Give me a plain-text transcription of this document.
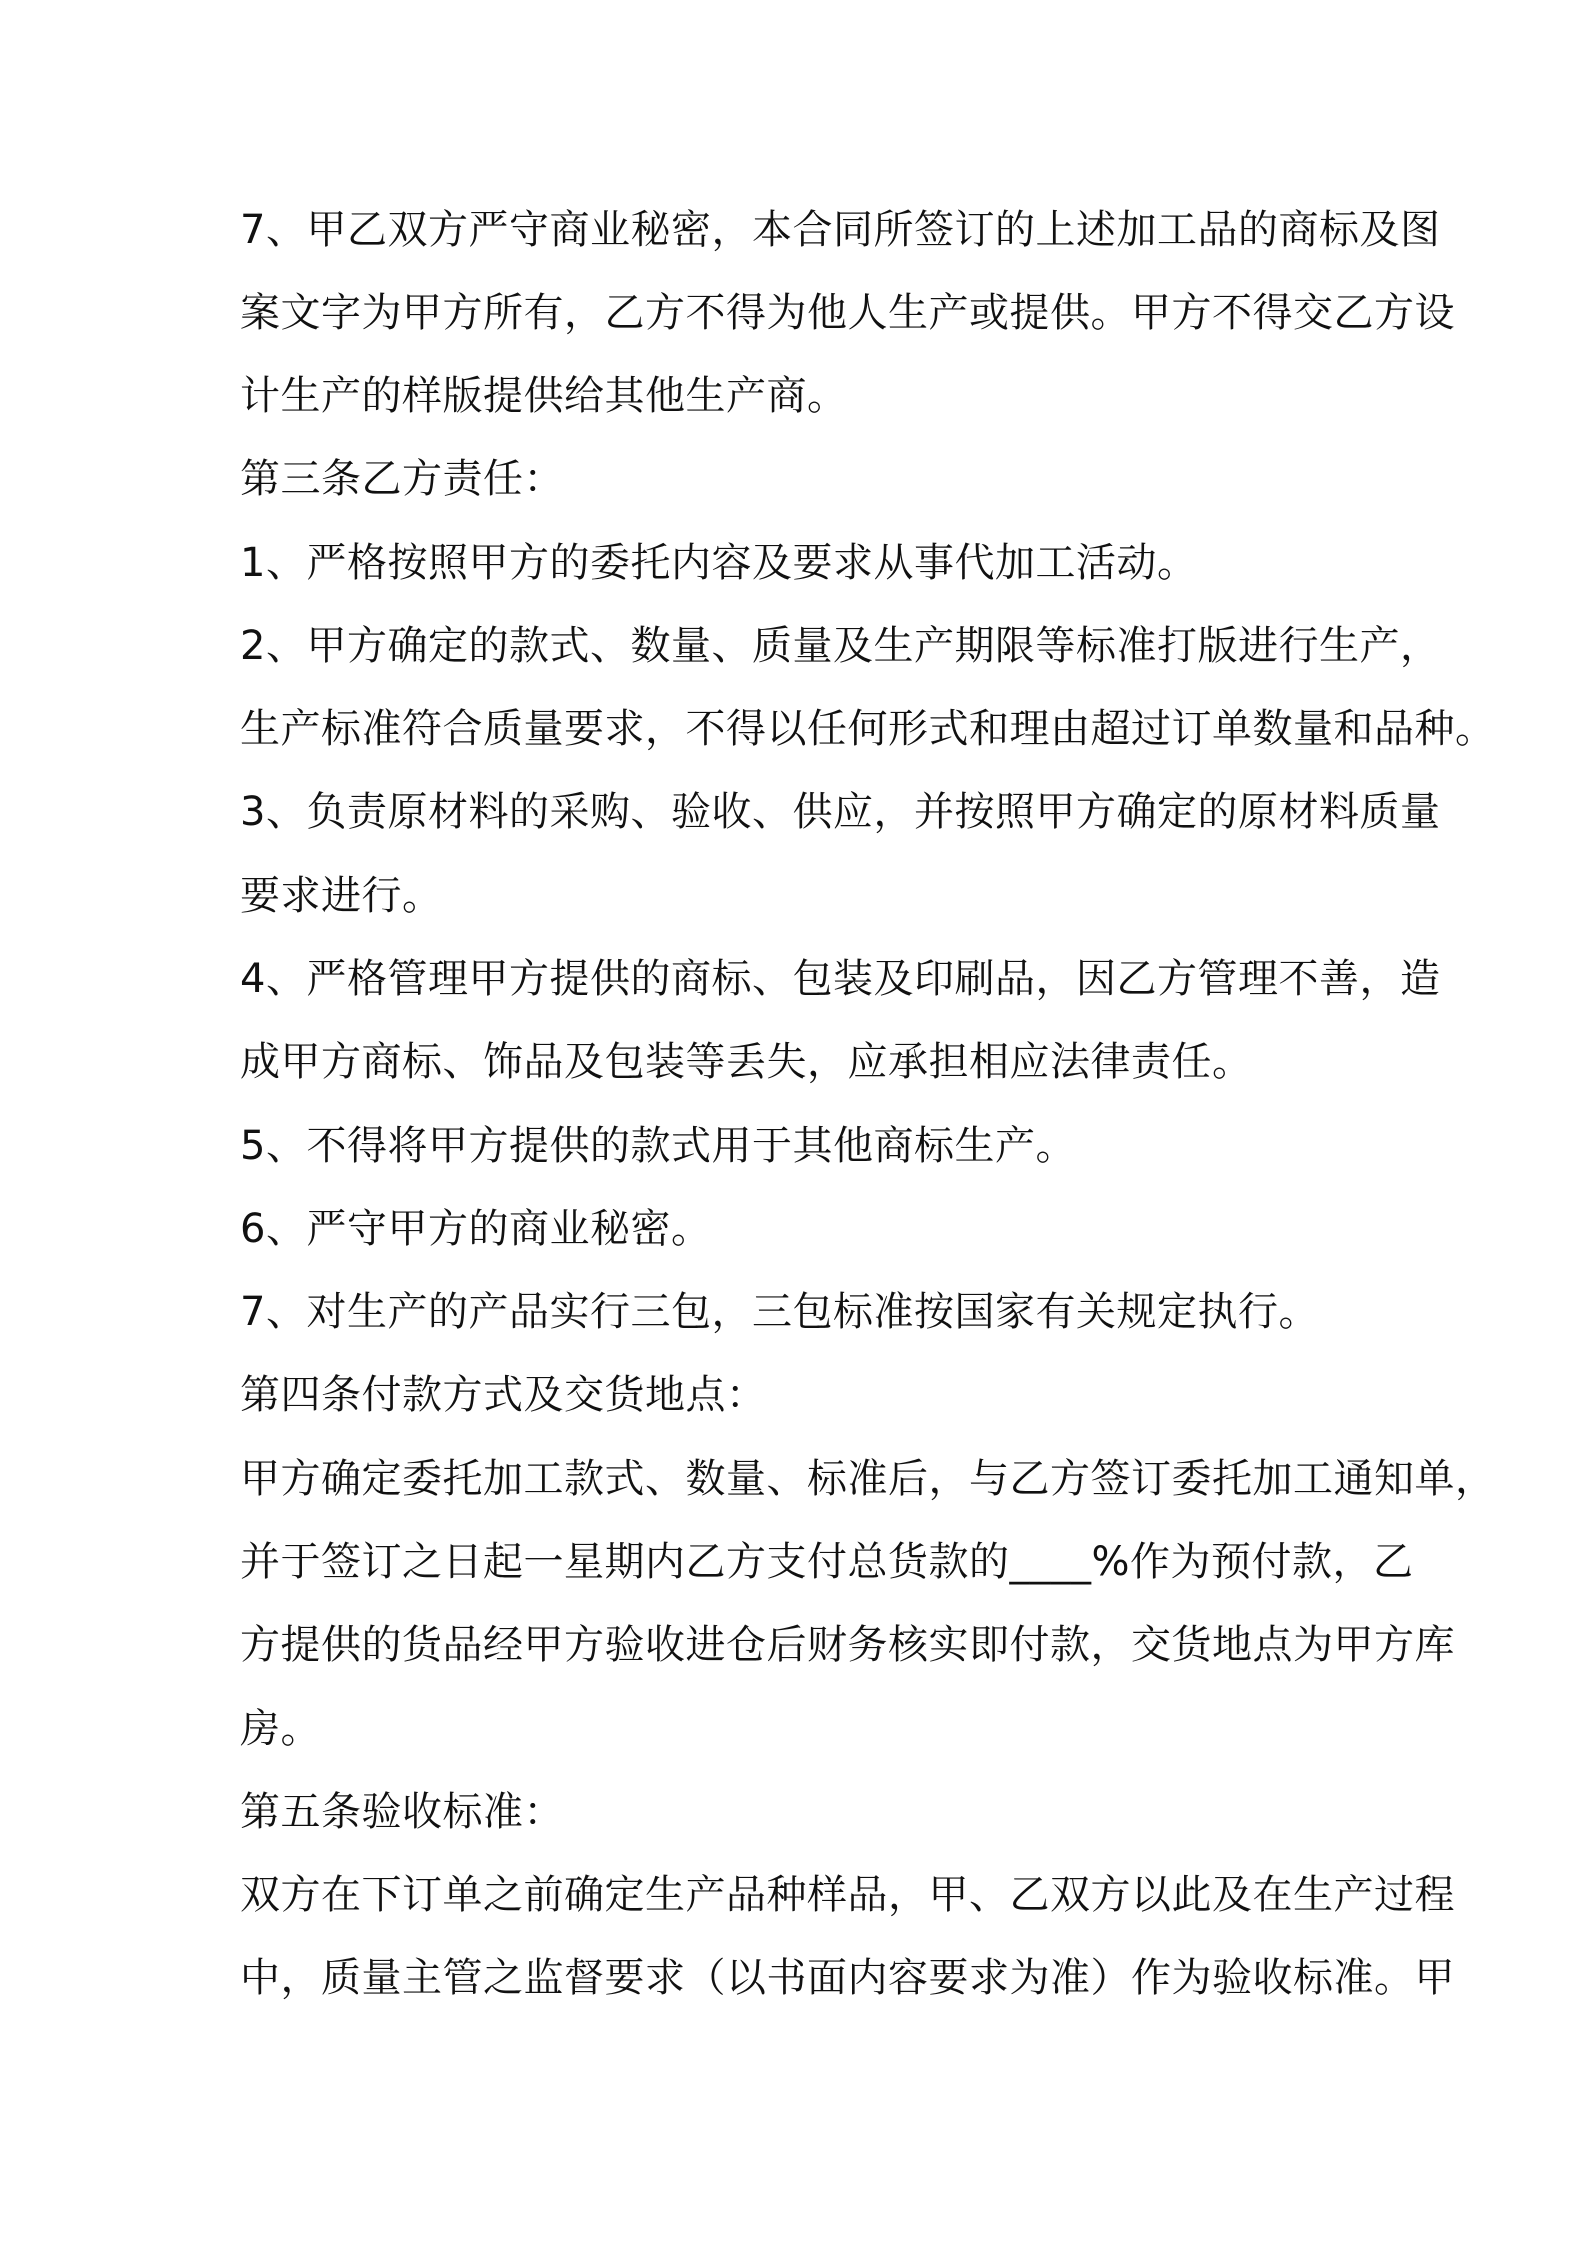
7、甲乙双方严守商业秘密，本合同所签订的上述加工品的商标及图
案文字为甲方所有，乙方不得为他人生产或提供。甲方不得交乙方设
计生产的样版提供给其他生产商。
第三条乙方责任：
1、严格按照甲方的委托内容及要求从事代加工活动。
2、甲方确定的款式、数量、质量及生产期限等标准打版进行生产，
生产标准符合质量要求，不得以任何形式和理由超过订单数量和品种。
3、负责原材料的采购、验收、供应，并按照甲方确定的原材料质量
要求进行。
4、严格管理甲方提供的商标、包装及印刷品，因乙方管理不善，造
成甲方商标、饰品及包装等丢失，应承担相应法律责任。
5、不得将甲方提供的款式用于其他商标生产。
6、严守甲方的商业秘密。
7、对生产的产品实行三包，三包标准按国家有关规定执行。
第四条付款方式及交货地点：
甲方确定委托加工款式、数量、标准后，与乙方签订委托加工通知单，
并于签订之日起一星期内乙方支付总货款的____%作为预付款，乙
方提供的货品经甲方验收进仓后财务核实即付款，交货地点为甲方库
房。
第五条验收标准：
双方在下订单之前确定生产品种样品，甲、乙双方以此及在生产过程
中，质量主管之监督要求（以书面内容要求为准）作为验收标准。甲
